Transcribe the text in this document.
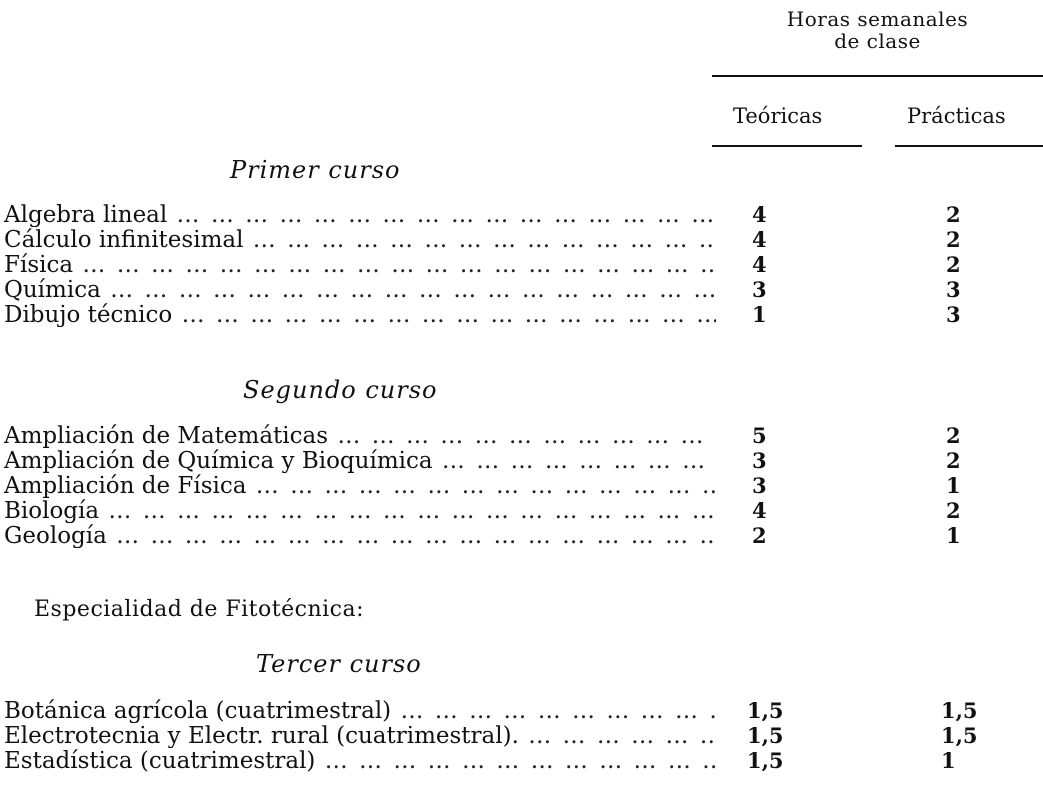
Horas semanales
de clase
Teóricas	Prácticas
Primer curso
Algebra lineal … … … … … … … … … … … … … … … … … … … … … … … …	4	2
Cálculo infinitesimal … … … … … … … … … … … … … … … … … … … … … … … …	4	2
Física … … … … … … … … … … … … … … … … … … … … … … … …	4	2
Química … … … … … … … … … … … … … … … … … … … … … … … …	3	3
Dibujo técnico … … … … … … … … … … … … … … … … … … … … … … … …	1	3
Segundo curso
Ampliación de Matemáticas … … … … … … … … … … … … … … … … … … … … … … … …	5	2
Ampliación de Química y Bioquímica … … … … … … … … … … … … … … … … … … … … … … … …	3	2
Ampliación de Física … … … … … … … … … … … … … … … … … … … … … … … …	3	1
Biología … … … … … … … … … … … … … … … … … … … … … … … …	4	2
Geología … … … … … … … … … … … … … … … … … … … … … … … …	2	1
Especialidad de Fitotécnica:
Tercer curso
Botánica agrícola (cuatrimestral) … … … … … … … … … … … … … … … … … … … … … … … …	1,5	1,5
Electrotecnia y Electr. rural (cuatrimestral). … … … … … … … … … … … … … … … … … … … … … … … …	1,5	1,5
Estadística (cuatrimestral) … … … … … … … … … … … … … … … … … … … … … … … …	1,5	1
